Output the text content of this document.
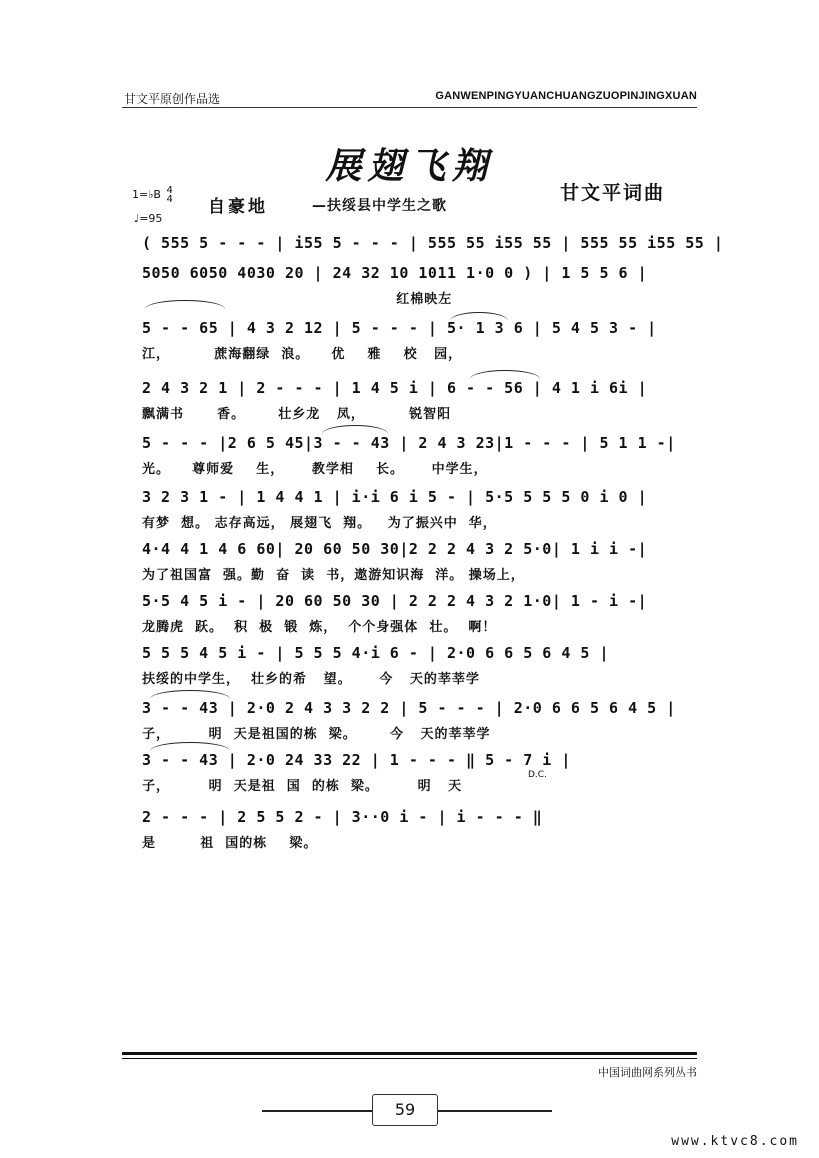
甘文平原创作品选	GANWENPINGYUANCHUANGZUOPINJINGXUAN
展翅飞翔
甘文平词曲
1=♭B 4
4
♩=95
自豪地	—扶绥县中学生之歌
( 555 5 - - - | i55 5 - - - | 555 55 i55 55 | 555 55 i55 55 |
5050 6050 4030 20 | 24 32 10 1011 1·0 0 ) | 1 5 5 6 |
红棉映左
5 - - 65 | 4 3 2 12 | 5 - - - | 5· 1 3 6 | 5 4 5 3 - |
江，        蔗海翻绿  浪。    优    雅    校   园，
2 4 3 2 1 | 2 - - - | 1 4 5 i | 6 - - 56 | 4 1 i 6i |
飘满书      香。      壮乡龙   凤，        锐智阳
5 - - - |2 6 5 45|3 - - 43 | 2 4 3 23|1 - - - | 5 1 1 -|
光。    尊师爱    生，     教学相    长。     中学生，
3 2 3 1 - | 1 4 4 1 | i·i 6 i 5 - | 5·5 5 5 5 0 i 0 |
有梦  想。 志存高远， 展翅飞  翔。   为了振兴中  华，
4·4 4 1 4 6 60| 20 60 50 30|2 2 2 4 3 2 5·0| 1 i i -|
为了祖国富  强。勤  奋  读  书，遨游知识海  洋。 操场上，
5·5 4 5 i - | 20 60 50 30 | 2 2 2 4 3 2 1·0| 1 - i -|
龙腾虎  跃。  积  极  锻  炼，  个个身强体  壮。  啊！
5 5 5 4 5 i - | 5 5 5 4·i 6 - | 2·0 6 6 5 6 4 5 |
扶绥的中学生，  壮乡的希   望。     今   天的莘莘学
3 - - 43 | 2·0 2 4 3 3 2 2 | 5 - - - | 2·0 6 6 5 6 4 5 |
子，       明  天是祖国的栋  梁。      今   天的莘莘学
3 - - 43 | 2·0 24 33 22 | 1 - - - ‖ 5 - 7 i |
子，       明  天是祖  国  的栋  梁。       明   天
D.C.
2 - - - | 2 5 5 2 - | 3··0 i - | i - - - ‖
是        祖  国的栋    梁。
中国词曲网系列丛书
59
www.ktvc8.com
